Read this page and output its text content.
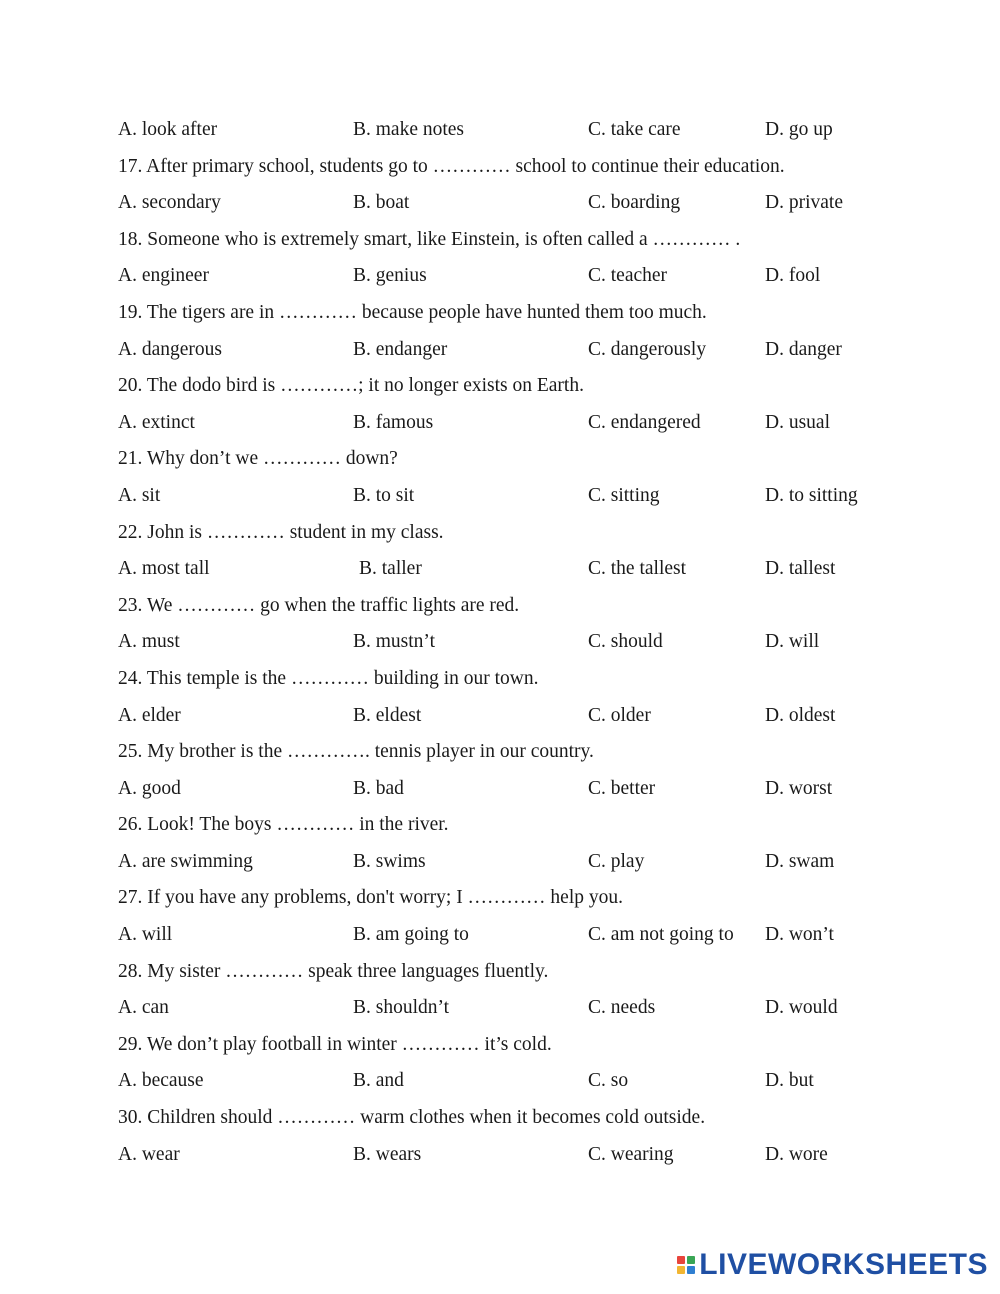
A. look after	B. make notes	C. take care	D. go up
17. After primary school, students go to ………… school to continue their education.
A. secondary	B. boat	C. boarding	D. private
18. Someone who is extremely smart, like Einstein, is often called a ………… .
A. engineer	B. genius	C. teacher	D. fool
19. The tigers are in ………… because people have hunted them too much.
A. dangerous	B. endanger	C. dangerously	D. danger
20. The dodo bird is …………; it no longer exists on Earth.
A. extinct	B. famous	C. endangered	D. usual
21. Why don’t we ………… down?
A. sit	B. to sit	C. sitting	D. to sitting
22. John is ………… student in my class.
A. most tall	B. taller	C. the tallest	D. tallest
23. We ………… go when the traffic lights are red.
A. must	B. mustn’t	C. should	D. will
24. This temple is the ………… building in our town.
A. elder	B. eldest	C. older	D. oldest
25. My brother is the …………. tennis player in our country.
A. good	B. bad	C. better	D. worst
26. Look! The boys ………… in the river.
A. are swimming	B. swims	C. play	D. swam
27. If you have any problems, don't worry; I ………… help you.
A. will	B. am going to	C. am not going to D. won’t
28. My sister ………… speak three languages fluently.
A. can	B. shouldn’t	C. needs	D. would
29. We don’t play football in winter ………… it’s cold.
A. because	B. and	C. so	D. but
30. Children should ………… warm clothes when it becomes cold outside.
A. wear	B. wears	C. wearing	D. wore
LIVEWORKSHEETS
